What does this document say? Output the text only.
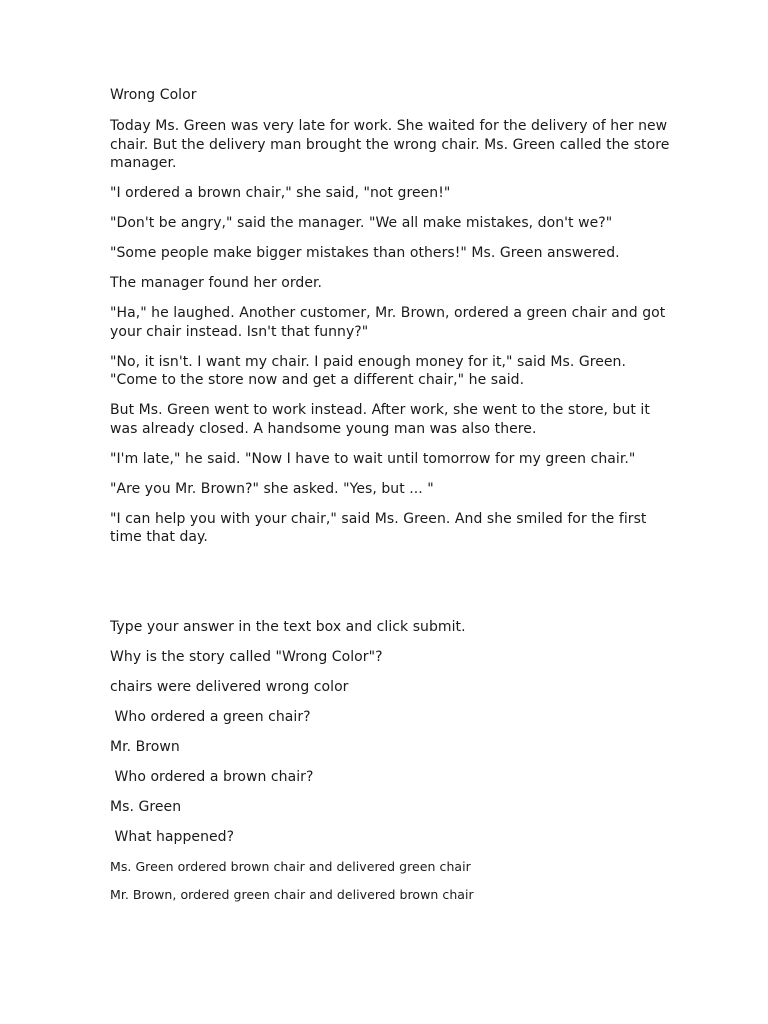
Wrong Color

Today Ms. Green was very late for work. She waited for the delivery of her new chair. But the delivery man brought the wrong chair. Ms. Green called the store manager.

"I ordered a brown chair," she said, "not green!"

"Don't be angry," said the manager. "We all make mistakes, don't we?"

"Some people make bigger mistakes than others!" Ms. Green answered.

The manager found her order.

"Ha," he laughed. Another customer, Mr. Brown, ordered a green chair and got your chair instead. Isn't that funny?"

"No, it isn't. I want my chair. I paid enough money for it," said Ms. Green.
"Come to the store now and get a different chair," he said.

But Ms. Green went to work instead. After work, she went to the store, but it was already closed. A handsome young man was also there.

"I'm late," he said. "Now I have to wait until tomorrow for my green chair."

"Are you Mr. Brown?" she asked. "Yes, but ... "

"I can help you with your chair," said Ms. Green. And she smiled for the first time that day.

Type your answer in the text box and click submit.

Why is the story called "Wrong Color"?

chairs were delivered wrong color

Who ordered a green chair?

Mr. Brown

Who ordered a brown chair?

Ms. Green

What happened?

Ms. Green ordered brown chair and delivered green chair

Mr. Brown, ordered green chair and delivered brown chair
